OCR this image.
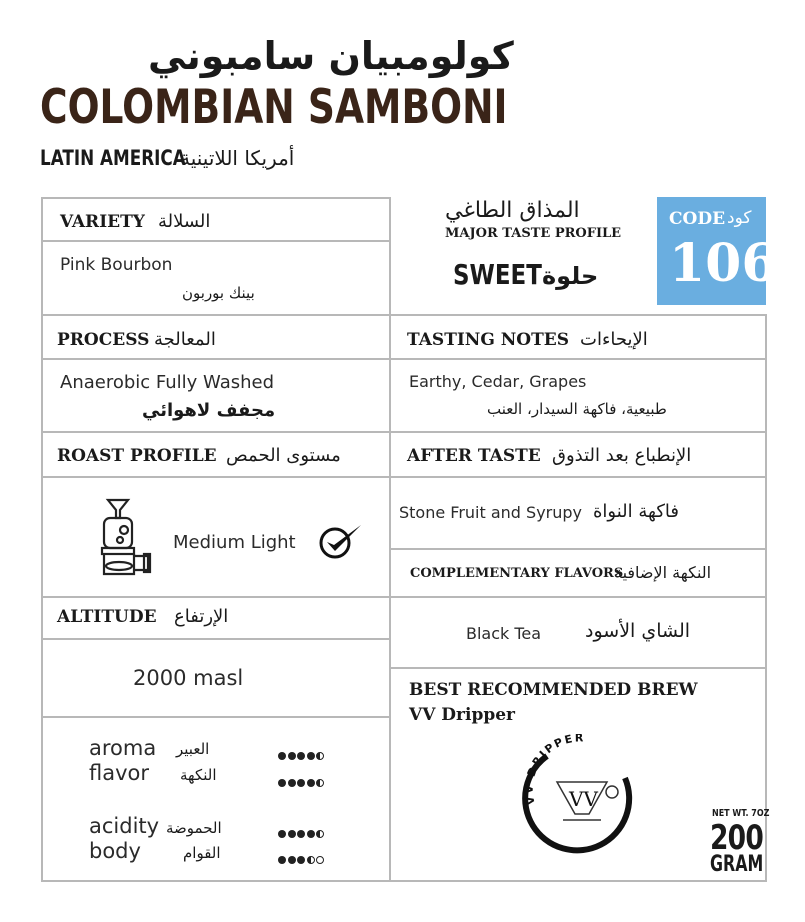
كولومبيان سامبوني
COLOMBIAN SAMBONI
LATIN AMERICA
أمريكا اللاتينية
VARIETY السلالة
Pink Bourbon
بينك بوربون
المذاق الطاغي
MAJOR TASTE PROFILE
SWEET حلوة
CODE كود
106
PROCESS المعالجة
Anaerobic Fully Washed
مجفف لاهوائي
TASTING NOTES الإيحاءات
Earthy, Cedar, Grapes
طبيعية، فاكهة السيدار، العنب
ROAST PROFILE مستوى الحمص
Medium Light
AFTER TASTE الإنطباع بعد التذوق
Stone Fruit and Syrupy فاكهة النواة
COMPLEMENTARY FLAVORS
النكهة الإضافية
Black Tea الشاي الأسود
ALTITUDE الإرتفاع
2000 masl
aroma العبير
flavor النكهة
acidity الحموضة
body	القوام
BEST RECOMMENDED BREW
VV Dripper
VV DRIPPER
VV
NET WT. 7OZ
200
GRAM
